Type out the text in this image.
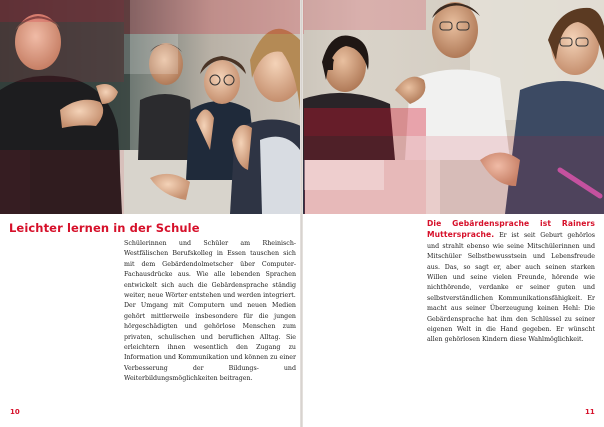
Leichter lernen in der Schule

Schülerinnen und Schüler am Rheinisch-Westfälischen Berufskolleg in Essen tauschen sich mit dem Gebärdendolmetscher über Computer-Fachausdrücke aus. Wie alle lebenden Sprachen entwickelt sich auch die Gebärdensprache ständig weiter, neue Wörter entstehen und werden integriert.

Der Umgang mit Computern und neuen Medien gehört mittlerweile insbesondere für die jungen hörgeschädigten und gehörlose Menschen zum privaten, schulischen und beruflichen Alltag. Sie erleichtern ihnen wesentlich den Zugang zu Information und Kommunikation und können zu einer Verbesserung der Bildungs- und Weiterbildungsmöglichkeiten beitragen.

Die Gebärdensprache ist Rainers Muttersprache. Er ist seit Geburt gehörlos und strahlt ebenso wie seine Mitschülerinnen und Mitschüler Selbstbewusstsein und Lebensfreude aus. Das, so sagt er, aber auch seinen starken Willen und seine vielen Freunde, hörende wie nichthörende, verdanke er seiner guten und selbstverständlichen Kommunikationsfähigkeit. Er macht aus seiner Überzeugung keinen Hehl: Die Gebärdensprache hat ihm den Schlüssel zu seiner eigenen Welt in die Hand gegeben. Er wünscht allen gehörlosen Kindern diese Wahlmöglichkeit.

10	11
